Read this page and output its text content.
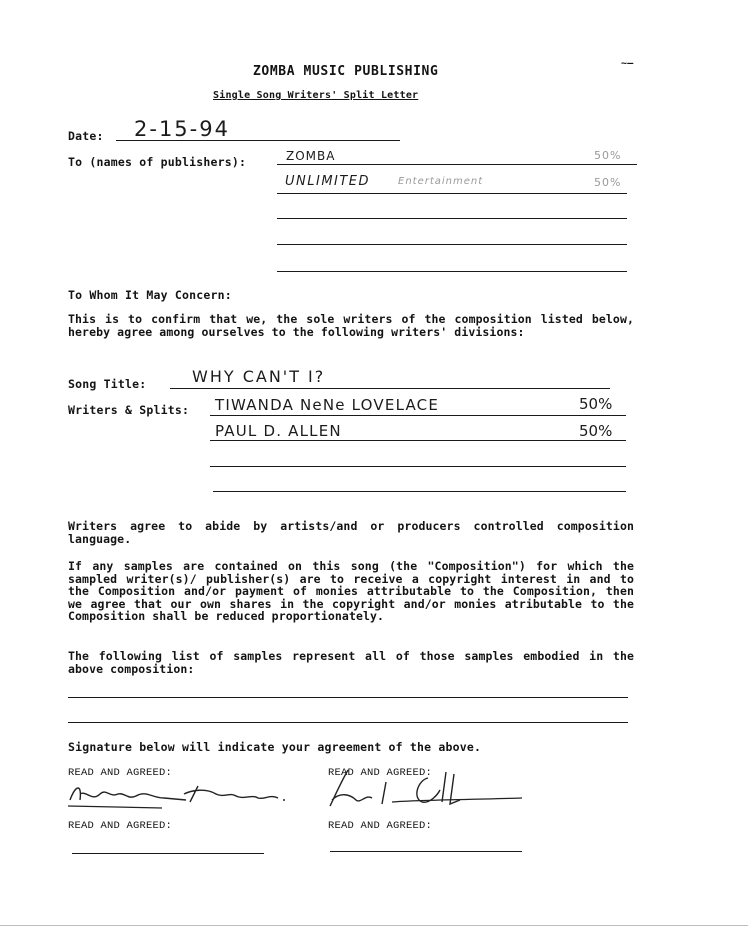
ZOMBA MUSIC PUBLISHING
Single Song Writers' Split Letter
~—
Date: 2-15-94
To (names of publishers):	ZOMBA	50%
UNLIMITED	Entertainment	50%
To Whom It May Concern:
This is to confirm that we, the sole writers of the composition listed below, hereby agree among ourselves to the following writers' divisions:
Song Title:	WHY CAN'T I?
Writers & Splits: TIWANDA NeNe LOVELACE	50%
PAUL D. ALLEN	50%
Writers agree to abide by artists/and or producers controlled composition language.
If any samples are contained on this song (the "Composition") for which the sampled writer(s)/ publisher(s) are to receive a copyright interest in and to the Composition and/or payment of monies attributable to the Composition, then we agree that our own shares in the copyright and/or monies atributable to the Composition shall be reduced proportionately.
The following list of samples represent all of those samples embodied in the above composition:
Signature below will indicate your agreement of the above.
READ AND AGREED:	READ AND AGREED:
READ AND AGREED:	READ AND AGREED:
